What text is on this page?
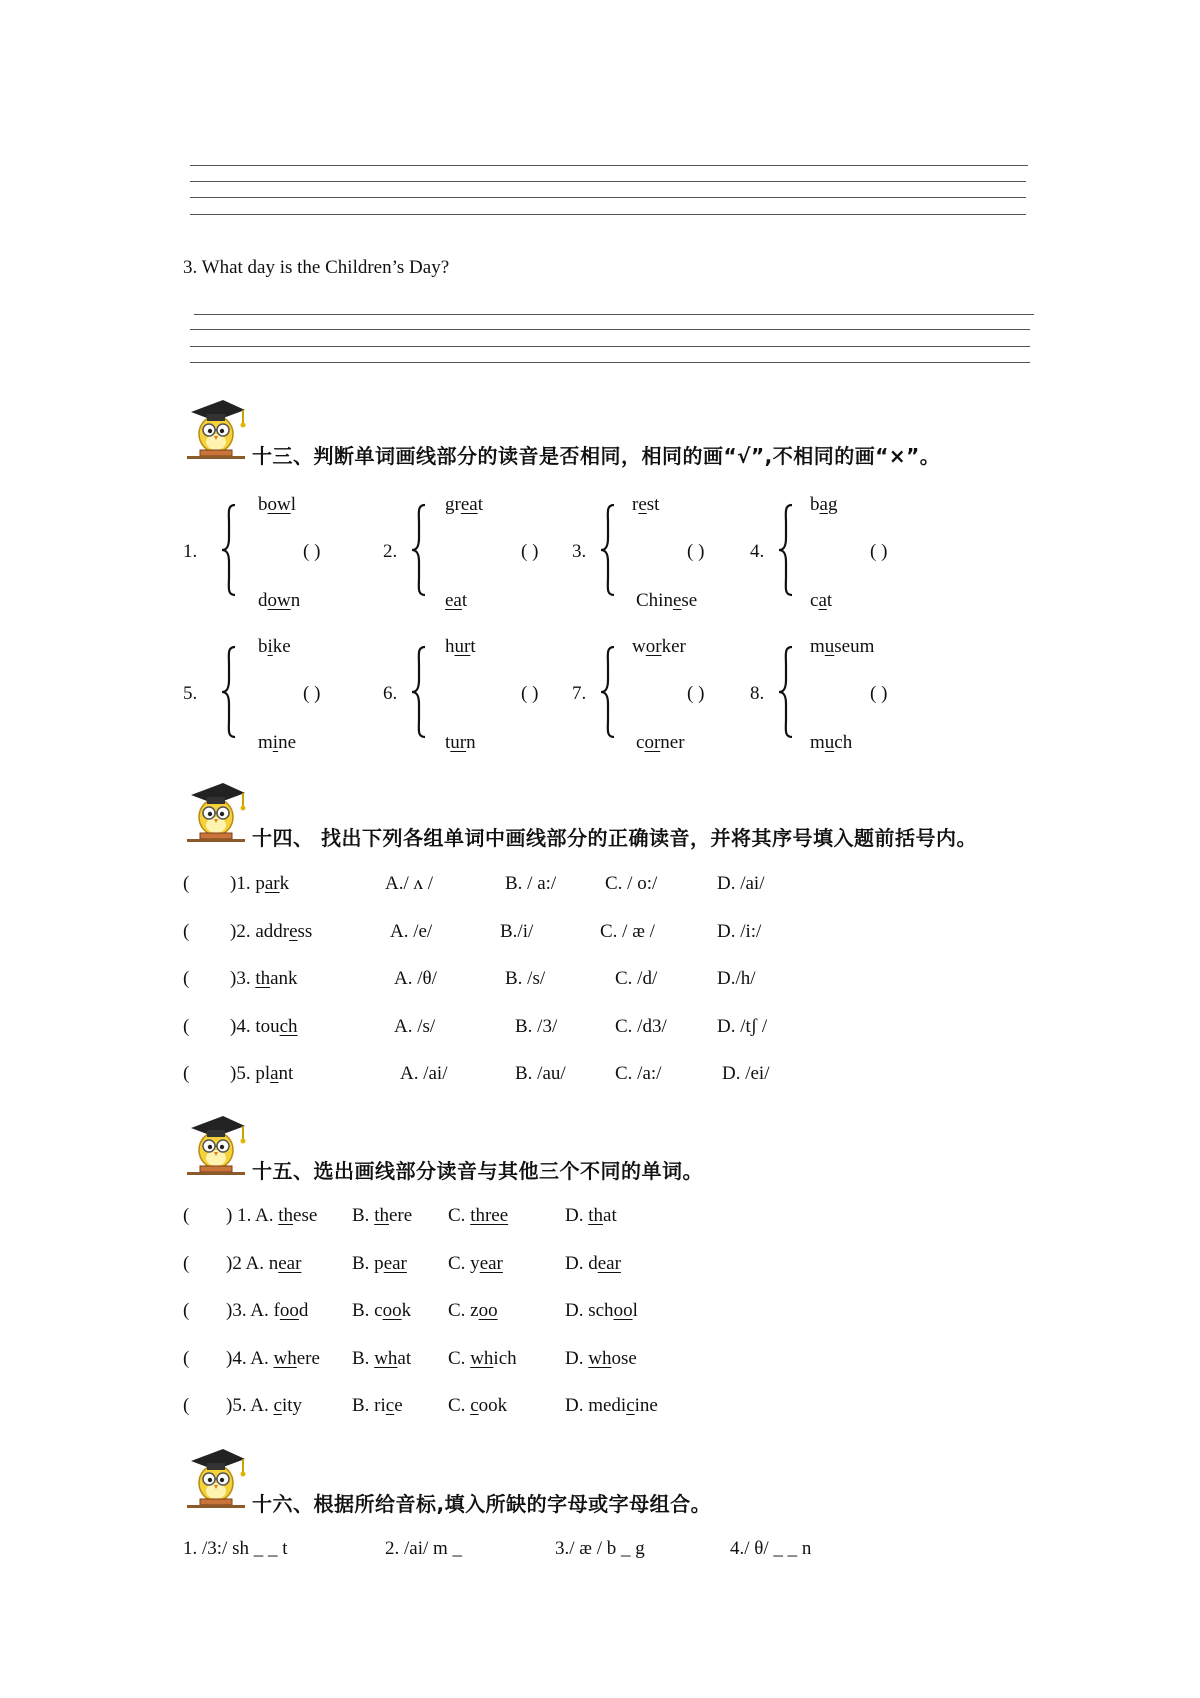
3. What day is the Children’s Day?
十三、判断单词画线部分的读音是否相同，相同的画“√”,不相同的画“×”。
1.
bowl
down
( )	2.
great
eat
( ) 3.
rest
Chinese
( ) 4.
bag
cat
( )
5.
bike
mine
( )	6.
hurt
turn
( ) 7.
worker
corner
( ) 8.
museum
much
( )
十四、 找出下列各组单词中画线部分的正确读音，并将其序号填入题前括号内。
( )1. park	A./ ʌ /	B. / a:/	C. / o:/	D. /ai/
( )2. address	A. /e/	B./i/	C. / æ /	D. /i:/
( )3. thank	A. /θ/	B. /s/	C. /d/	D./h/
( )4. touch	A. /s/	B. /3/	C. /d3/	D. /tʃ /
( )5. plant	A. /ai/	B. /au/	C. /a:/	D. /ei/
十五、选出画线部分读音与其他三个不同的单词。
( ) 1. A. these B. there C. three	D. that
( )2 A. near	B. pear C. year	D. dear
( )3. A. food B. cook C. zoo	D. school
( )4. A. where B. what C. which	D. whose
( )5. A. city	B. rice C. cook	D. medicine
十六、根据所给音标,填入所缺的字母或字母组合。
1. /3:/ sh _ _ t	2. /ai/ m _	3./ æ / b _ g	4./ θ/ _ _ n
